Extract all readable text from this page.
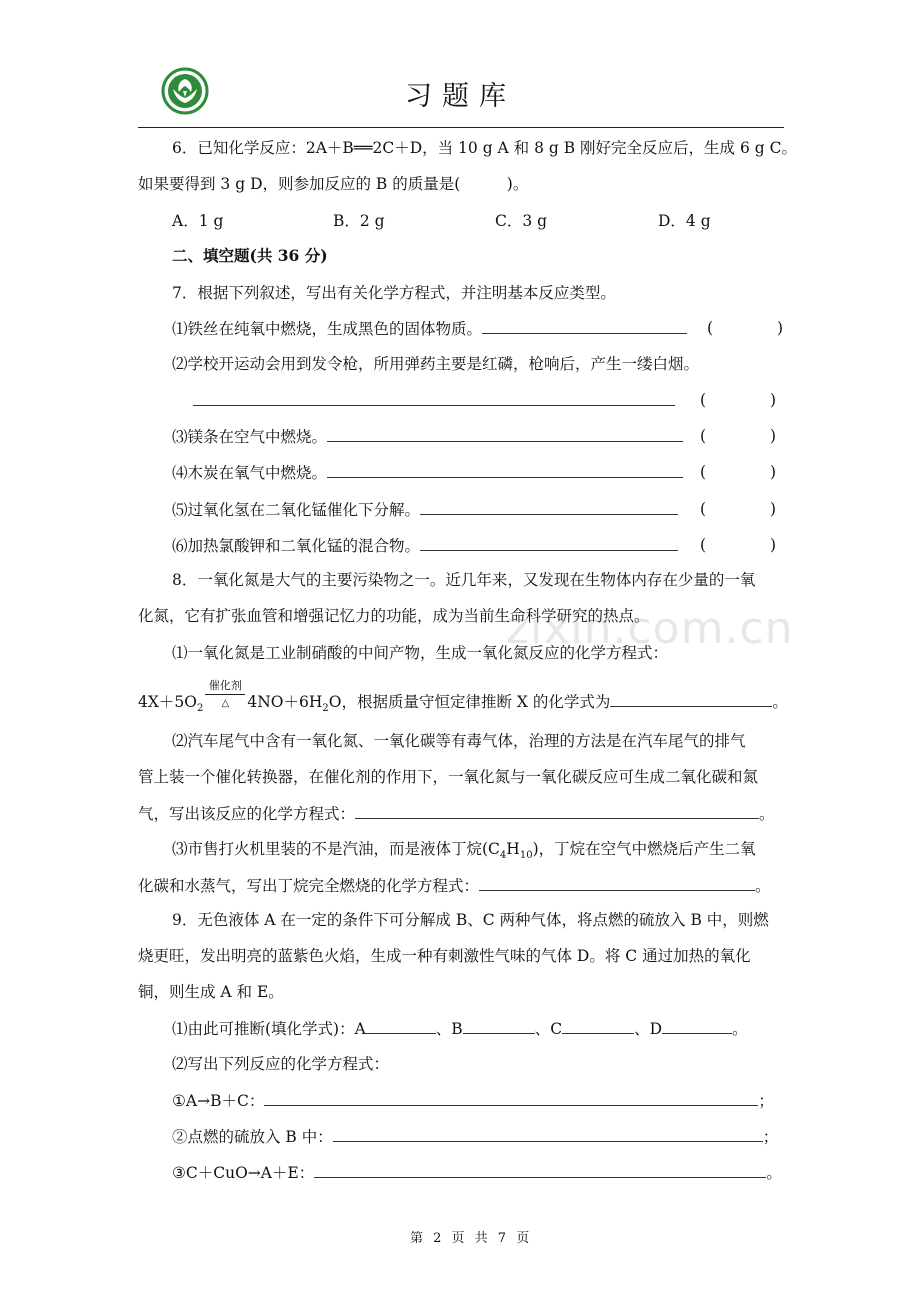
习题库
6．已知化学反应：2A＋B══2C＋D，当 10 g A 和 8 g B 刚好完全反应后，生成 6 g C。
如果要得到 3 g D，则参加反应的 B 的质量是(　　　)。
A．1 g	B．2 g	C．3 g	D．4 g
二、填空题(共 36 分)
7．根据下列叙述，写出有关化学方程式，并注明基本反应类型。
⑴铁丝在纯氧中燃烧，生成黑色的固体物质。	(	)
⑵学校开运动会用到发令枪，所用弹药主要是红磷，枪响后，产生一缕白烟。
(	)
⑶镁条在空气中燃烧。	(	)
⑷木炭在氧气中燃烧。	(	)
⑸过氧化氢在二氧化锰催化下分解。	(	)
⑹加热氯酸钾和二氧化锰的混合物。	(	)
8．一氧化氮是大气的主要污染物之一。近几年来，又发现在生物体内存在少量的一氧
化氮，它有扩张血管和增强记忆力的功能，成为当前生命科学研究的热点。
zixin.com.cn
⑴一氧化氮是工业制硝酸的中间产物，生成一氧化氮反应的化学方程式：
$4X+5O_2$
$\frac{\text{催化剂}}{\triangle} 4NO+6H_2O$，根据质量守恒定律推断 X 的化学式为	。
⑵汽车尾气中含有一氧化氮、一氧化碳等有毒气体，治理的方法是在汽车尾气的排气
管上装一个催化转换器，在催化剂的作用下，一氧化氮与一氧化碳反应可生成二氧化碳和氮
气，写出该反应的化学方程式：	。
⑶市售打火机里装的不是汽油，而是液体丁烷$(C_4H_{10})$，丁烷在空气中燃烧后产生二氧
化碳和水蒸气，写出丁烷完全燃烧的化学方程式：	。
9．无色液体 A 在一定的条件下可分解成 B、C 两种气体，将点燃的硫放入 B 中，则燃
烧更旺，发出明亮的蓝紫色火焰，生成一种有刺激性气味的气体 D。将 C 通过加热的氧化
铜，则生成 A 和 E。
⑴由此可推断(填化学式)：A	、B	、C	、D	。
⑵写出下列反应的化学方程式：
①A→B＋C：	；
②点燃的硫放入 B 中：	；
③C＋CuO→A＋E：	。
第 2 页 共 7 页
